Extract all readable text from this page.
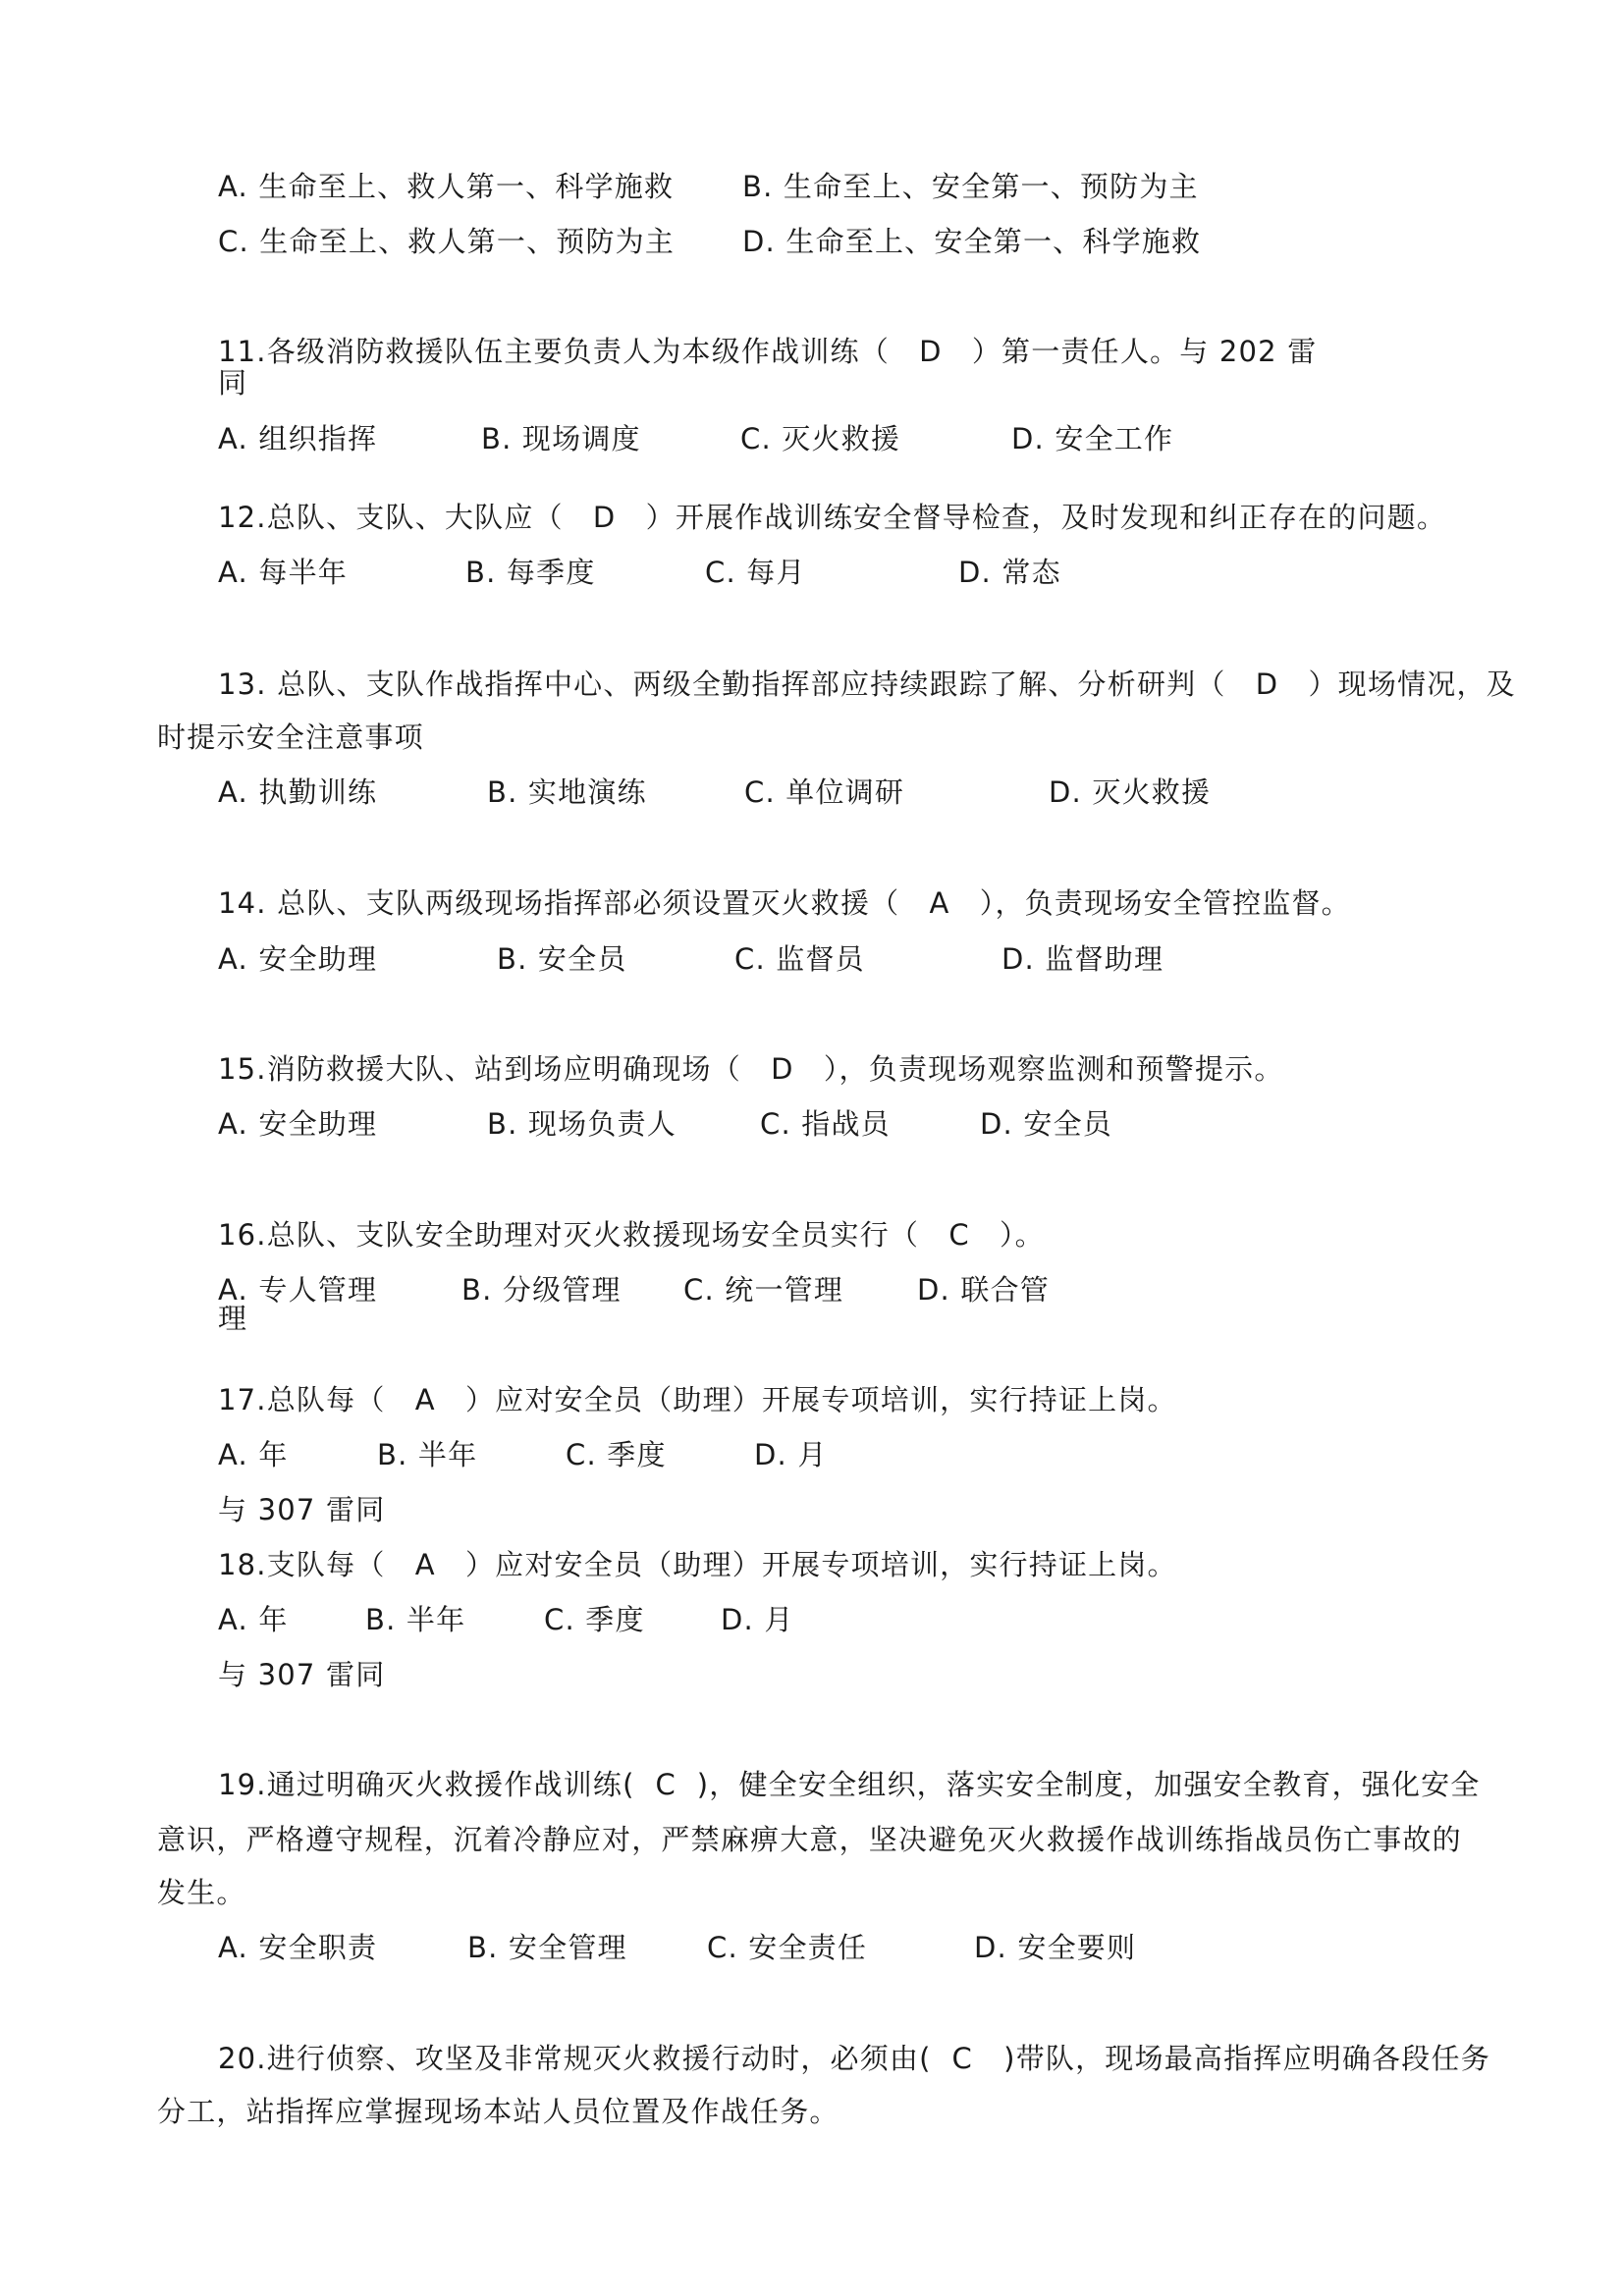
A. 生命至上、救人第一、科学施救 B. 生命至上、安全第一、预防为主
C. 生命至上、救人第一、预防为主 D. 生命至上、安全第一、科学施救
11.各级消防救援队伍主要负责人为本级作战训练（　D　）第一责任人。与 202 雷
同
A. 组织指挥	B. 现场调度	C. 灭火救援	D. 安全工作
12.总队、支队、大队应（　D　）开展作战训练安全督导检查，及时发现和纠正存在的问题。
A. 每半年	B. 每季度	C. 每月	D. 常态
13. 总队、支队作战指挥中心、两级全勤指挥部应持续跟踪了解、分析研判（　D　）现场情况，及
时提示安全注意事项
A. 执勤训练	B. 实地演练	C. 单位调研	D. 灭火救援
14. 总队、支队两级现场指挥部必须设置灭火救援（　A　），负责现场安全管控监督。
A. 安全助理	B. 安全员	C. 监督员	D. 监督助理
15.消防救援大队、站到场应明确现场（　D　），负责现场观察监测和预警提示。
A. 安全助理	B. 现场负责人	C. 指战员	D. 安全员
16.总队、支队安全助理对灭火救援现场安全员实行（　C　）。
A. 专人管理	B. 分级管理 C. 统一管理	D. 联合管
理
17.总队每（　A　）应对安全员（助理）开展专项培训，实行持证上岗。
A. 年	B. 半年	C. 季度	D. 月
与 307 雷同
18.支队每（　A　）应对安全员（助理）开展专项培训，实行持证上岗。
A. 年	B. 半年	C. 季度	D. 月
与 307 雷同
19.通过明确灭火救援作战训练(  C  )，健全安全组织，落实安全制度，加强安全教育，强化安全
意识，严格遵守规程，沉着冷静应对，严禁麻痹大意，坚决避免灭火救援作战训练指战员伤亡事故的
发生。
A. 安全职责	B. 安全管理	C. 安全责任	D. 安全要则
20.进行侦察、攻坚及非常规灭火救援行动时，必须由(  C   )带队，现场最高指挥应明确各段任务
分工，站指挥应掌握现场本站人员位置及作战任务。
